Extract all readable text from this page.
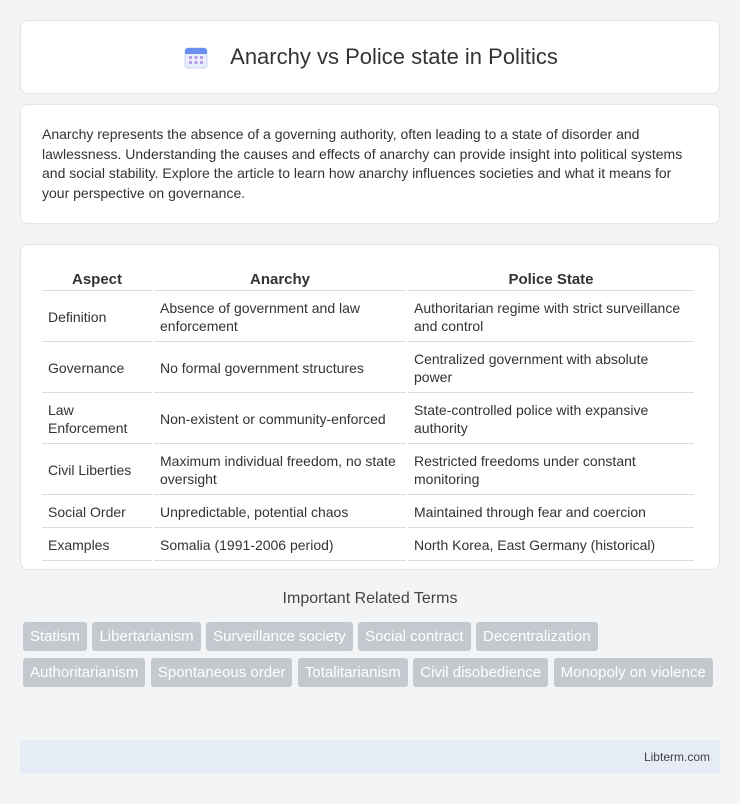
Anarchy vs Police state in Politics

Anarchy represents the absence of a governing authority, often leading to a state of disorder and lawlessness. Understanding the causes and effects of anarchy can provide insight into political systems and social stability. Explore the article to learn how anarchy influences societies and what it means for your perspective on governance.

Aspect	Anarchy	Police State
Definition	Absence of government and law enforcement	Authoritarian regime with strict surveillance and control
Governance	No formal government structures	Centralized government with absolute power
Law Enforcement	Non-existent or community-enforced	State-controlled police with expansive authority
Civil Liberties	Maximum individual freedom, no state oversight	Restricted freedoms under constant monitoring
Social Order	Unpredictable, potential chaos	Maintained through fear and coercion
Examples	Somalia (1991-2006 period)	North Korea, East Germany (historical)
Important Related Terms
Statism Libertarianism Surveillance society Social contract Decentralization Authoritarianism Spontaneous order Totalitarianism Civil disobedience Monopoly on violence
Libterm.com
